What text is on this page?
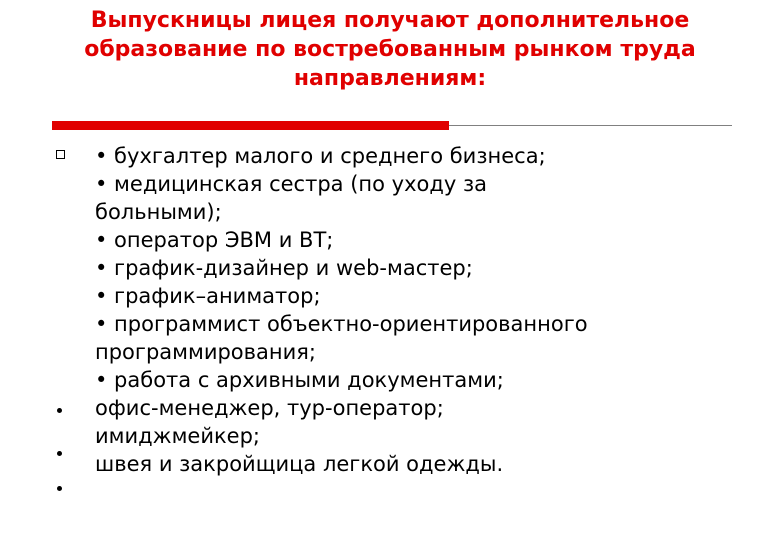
Выпускницы лицея получают дополнительное
образование по востребованным рынком труда
направлениям:
• бухгалтер малого и среднего бизнеса;
• медицинская сестра (по уходу за
больными);
• оператор ЭВМ и ВТ;
• график-дизайнер и web-мастер;
• график–аниматор;
• программист объектно-ориентированного
программирования;
• работа с архивными документами;
офис-менеджер, тур-оператор;
имиджмейкер;
швея и закройщица легкой одежды.
